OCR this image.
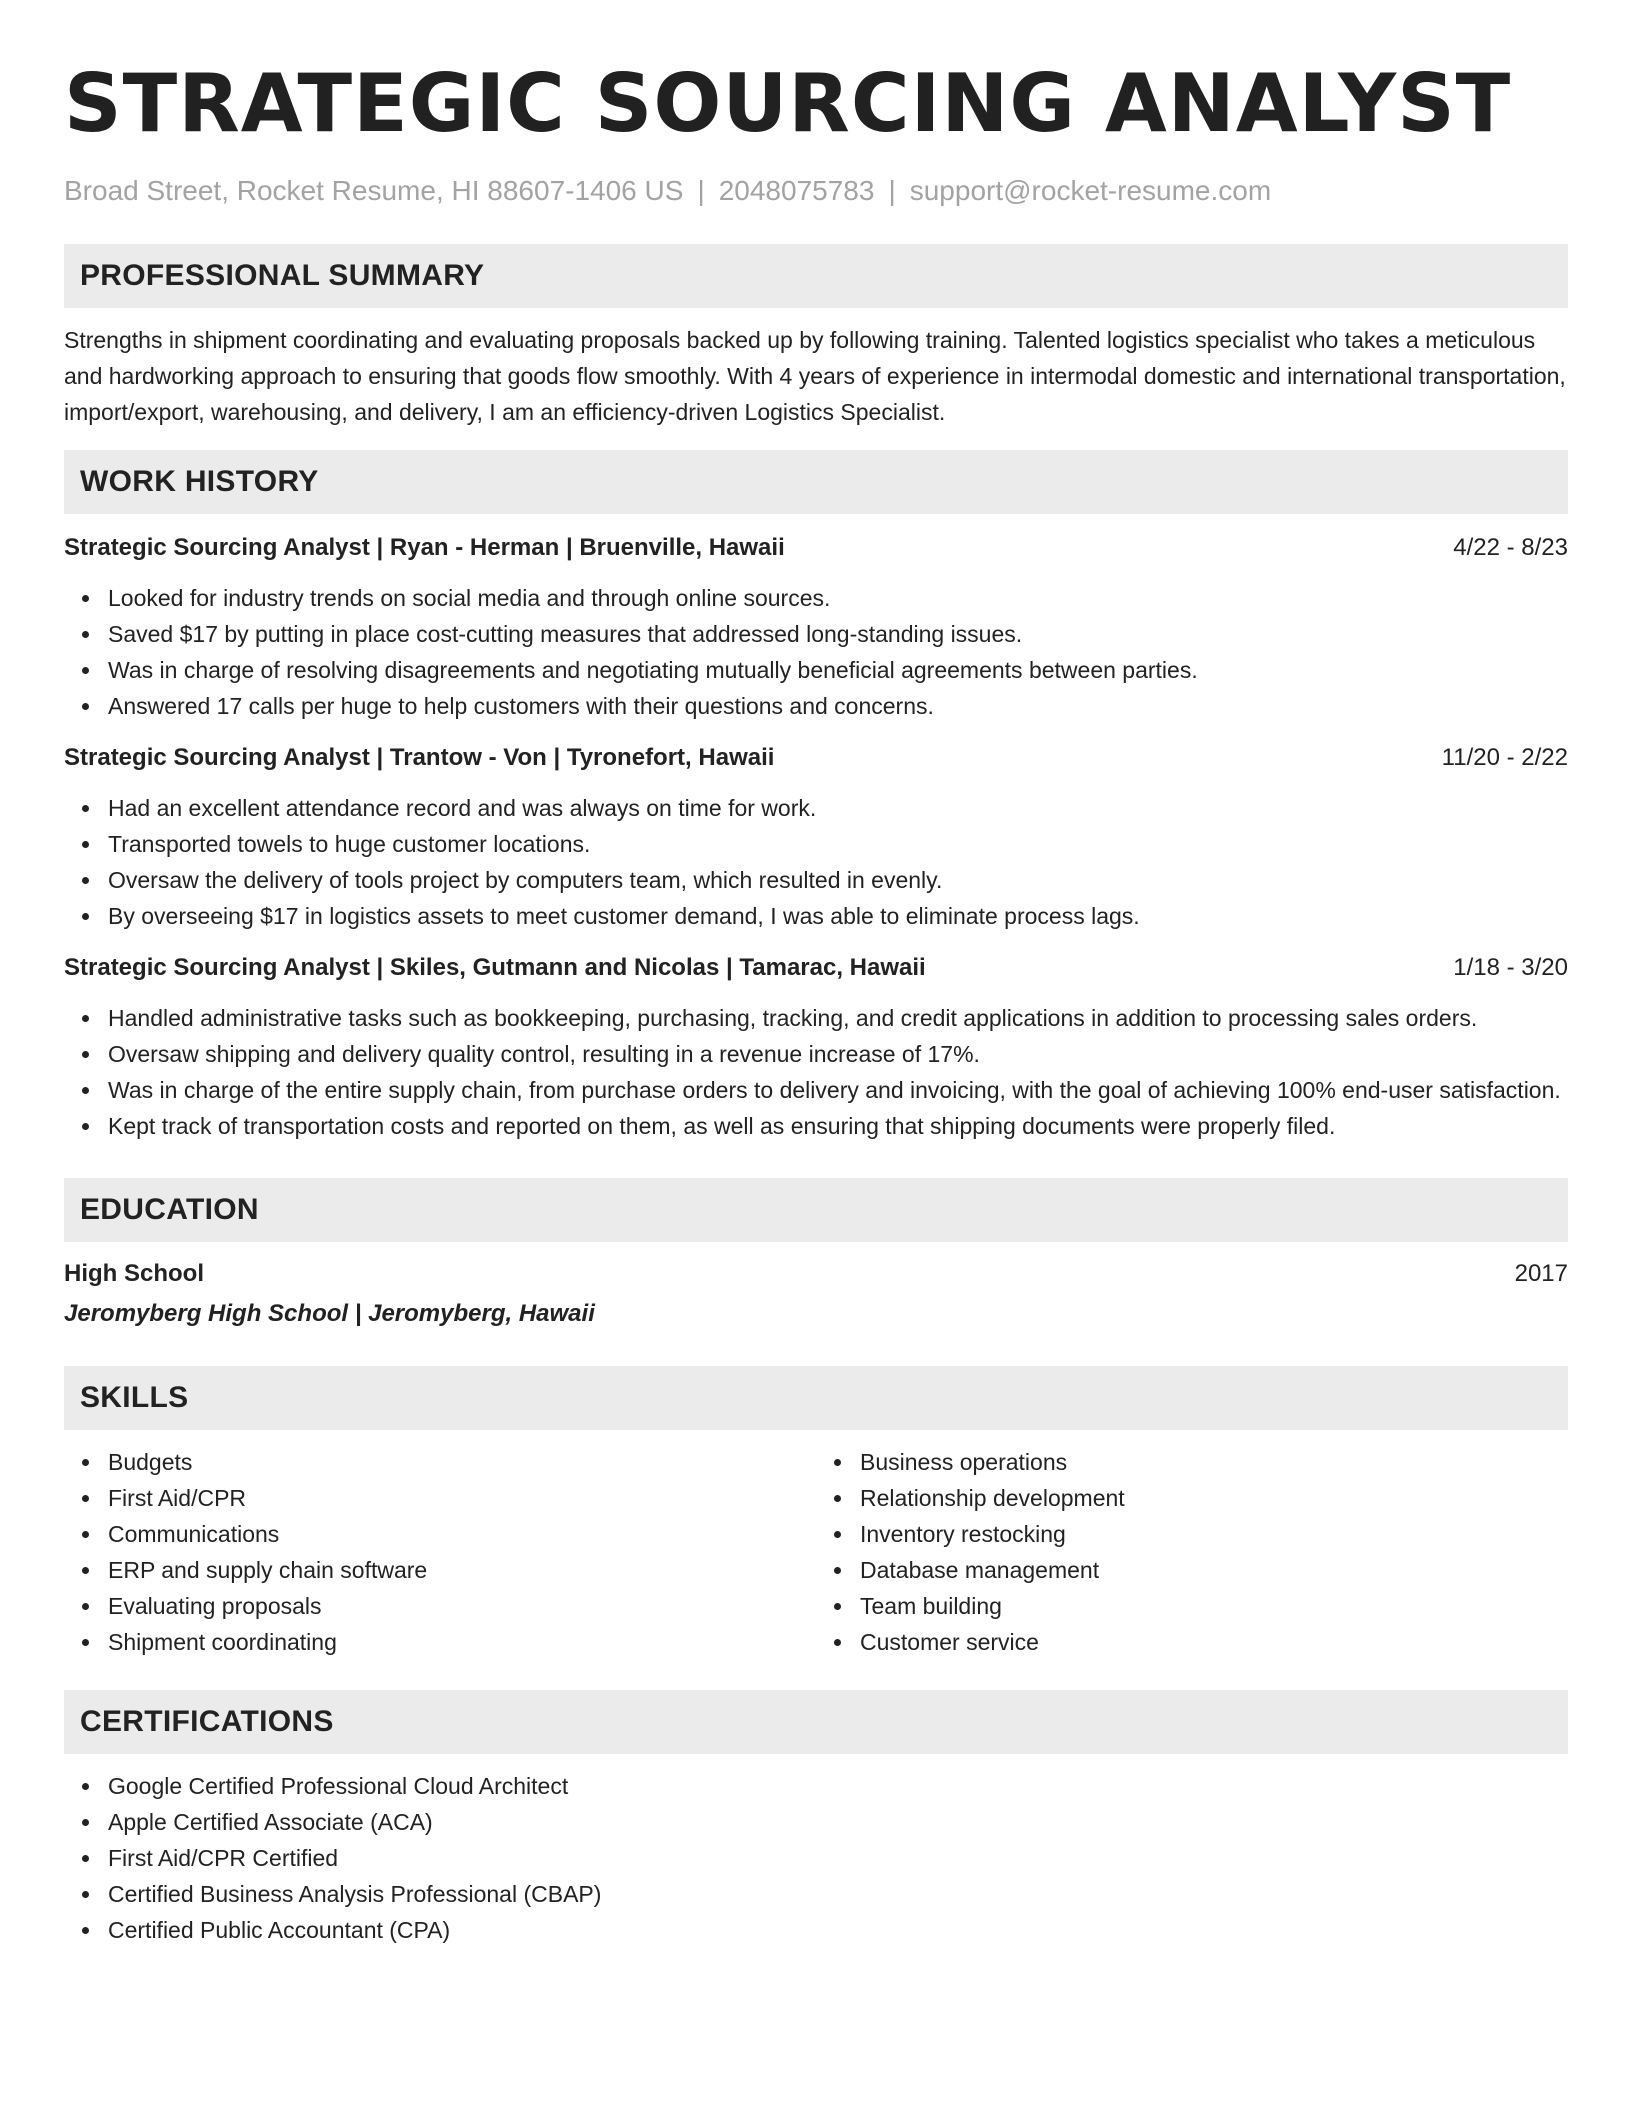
STRATEGIC SOURCING ANALYST
Broad Street, Rocket Resume, HI 88607-1406 US | 2048075783 | support@rocket-resume.com
PROFESSIONAL SUMMARY

Strengths in shipment coordinating and evaluating proposals backed up by following training. Talented logistics specialist who takes a meticulous and hardworking approach to ensuring that goods flow smoothly. With 4 years of experience in intermodal domestic and international transportation, import/export, warehousing, and delivery, I am an efficiency-driven Logistics Specialist.

WORK HISTORY
Strategic Sourcing Analyst | Ryan - Herman | Bruenville, Hawaii	4/22 - 8/23
Looked for industry trends on social media and through online sources.
Saved $17 by putting in place cost-cutting measures that addressed long-standing issues.
Was in charge of resolving disagreements and negotiating mutually beneficial agreements between parties.
Answered 17 calls per huge to help customers with their questions and concerns.
Strategic Sourcing Analyst | Trantow - Von | Tyronefort, Hawaii	11/20 - 2/22
Had an excellent attendance record and was always on time for work.
Transported towels to huge customer locations.
Oversaw the delivery of tools project by computers team, which resulted in evenly.
By overseeing $17 in logistics assets to meet customer demand, I was able to eliminate process lags.
Strategic Sourcing Analyst | Skiles, Gutmann and Nicolas | Tamarac, Hawaii	1/18 - 3/20
Handled administrative tasks such as bookkeeping, purchasing, tracking, and credit applications in addition to processing sales orders.
Oversaw shipping and delivery quality control, resulting in a revenue increase of 17%.
Was in charge of the entire supply chain, from purchase orders to delivery and invoicing, with the goal of achieving 100% end-user satisfaction.
Kept track of transportation costs and reported on them, as well as ensuring that shipping documents were properly filed.
EDUCATION
High School	2017
Jeromyberg High School | Jeromyberg, Hawaii
SKILLS
Budgets
First Aid/CPR
Communications
ERP and supply chain software
Evaluating proposals
Shipment coordinating
Business operations
Relationship development
Inventory restocking
Database management
Team building
Customer service
CERTIFICATIONS
Google Certified Professional Cloud Architect
Apple Certified Associate (ACA)
First Aid/CPR Certified
Certified Business Analysis Professional (CBAP)
Certified Public Accountant (CPA)
